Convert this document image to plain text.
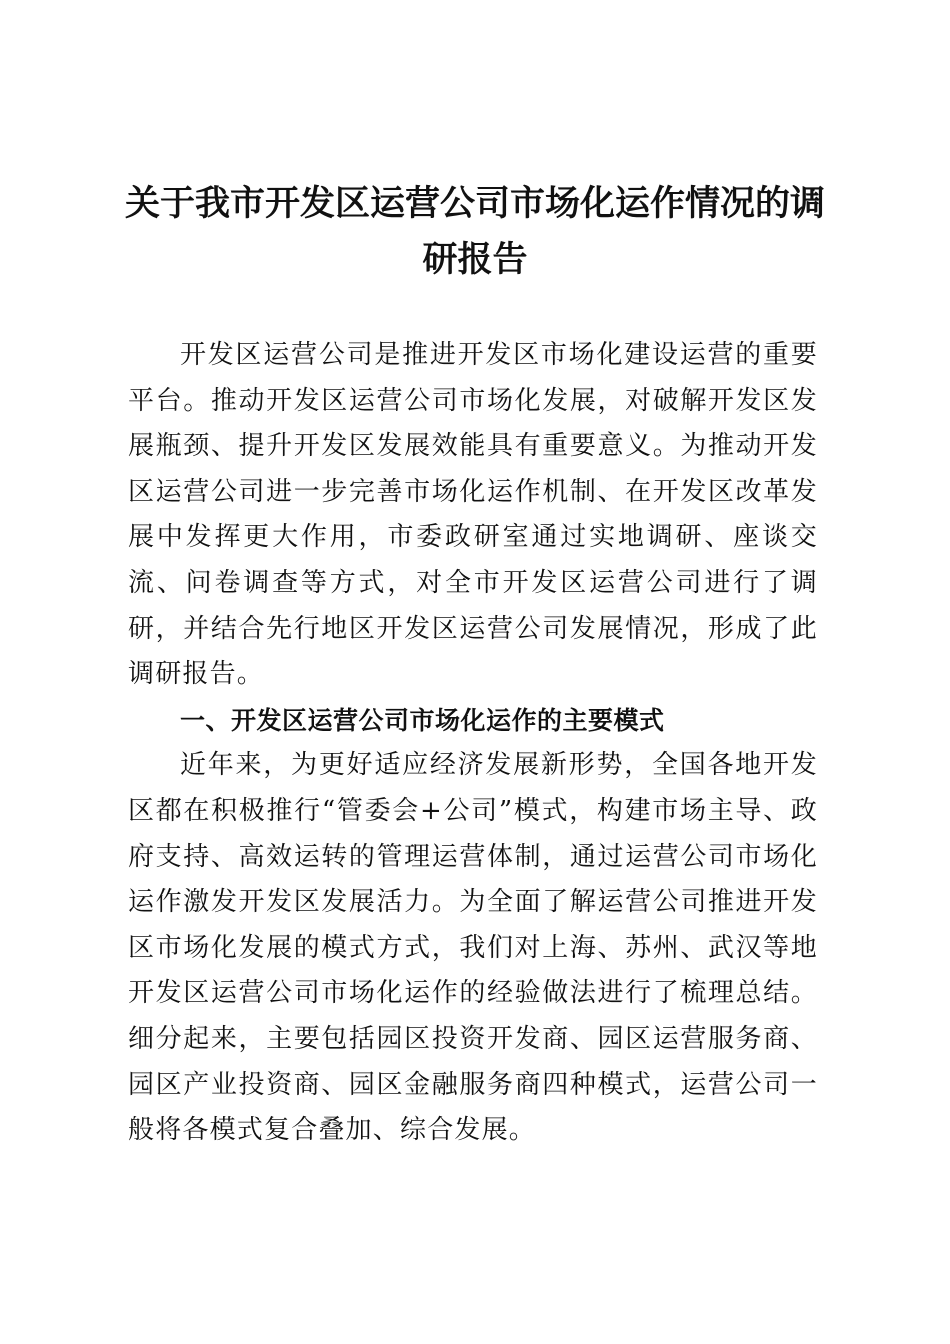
关于我市开发区运营公司市场化运作情况的调研报告

开发区运营公司是推进开发区市场化建设运营的重要平台。推动开发区运营公司市场化发展，对破解开发区发展瓶颈、提升开发区发展效能具有重要意义。为推动开发区运营公司进一步完善市场化运作机制、在开发区改革发展中发挥更大作用，市委政研室通过实地调研、座谈交流、问卷调查等方式，对全市开发区运营公司进行了调研，并结合先行地区开发区运营公司发展情况，形成了此调研报告。

一、开发区运营公司市场化运作的主要模式

近年来，为更好适应经济发展新形势，全国各地开发区都在积极推行“管委会+公司”模式，构建市场主导、政府支持、高效运转的管理运营体制，通过运营公司市场化运作激发开发区发展活力。为全面了解运营公司推进开发区市场化发展的模式方式，我们对上海、苏州、武汉等地开发区运营公司市场化运作的经验做法进行了梳理总结。细分起来，主要包括园区投资开发商、园区运营服务商、园区产业投资商、园区金融服务商四种模式，运营公司一般将各模式复合叠加、综合发展。
